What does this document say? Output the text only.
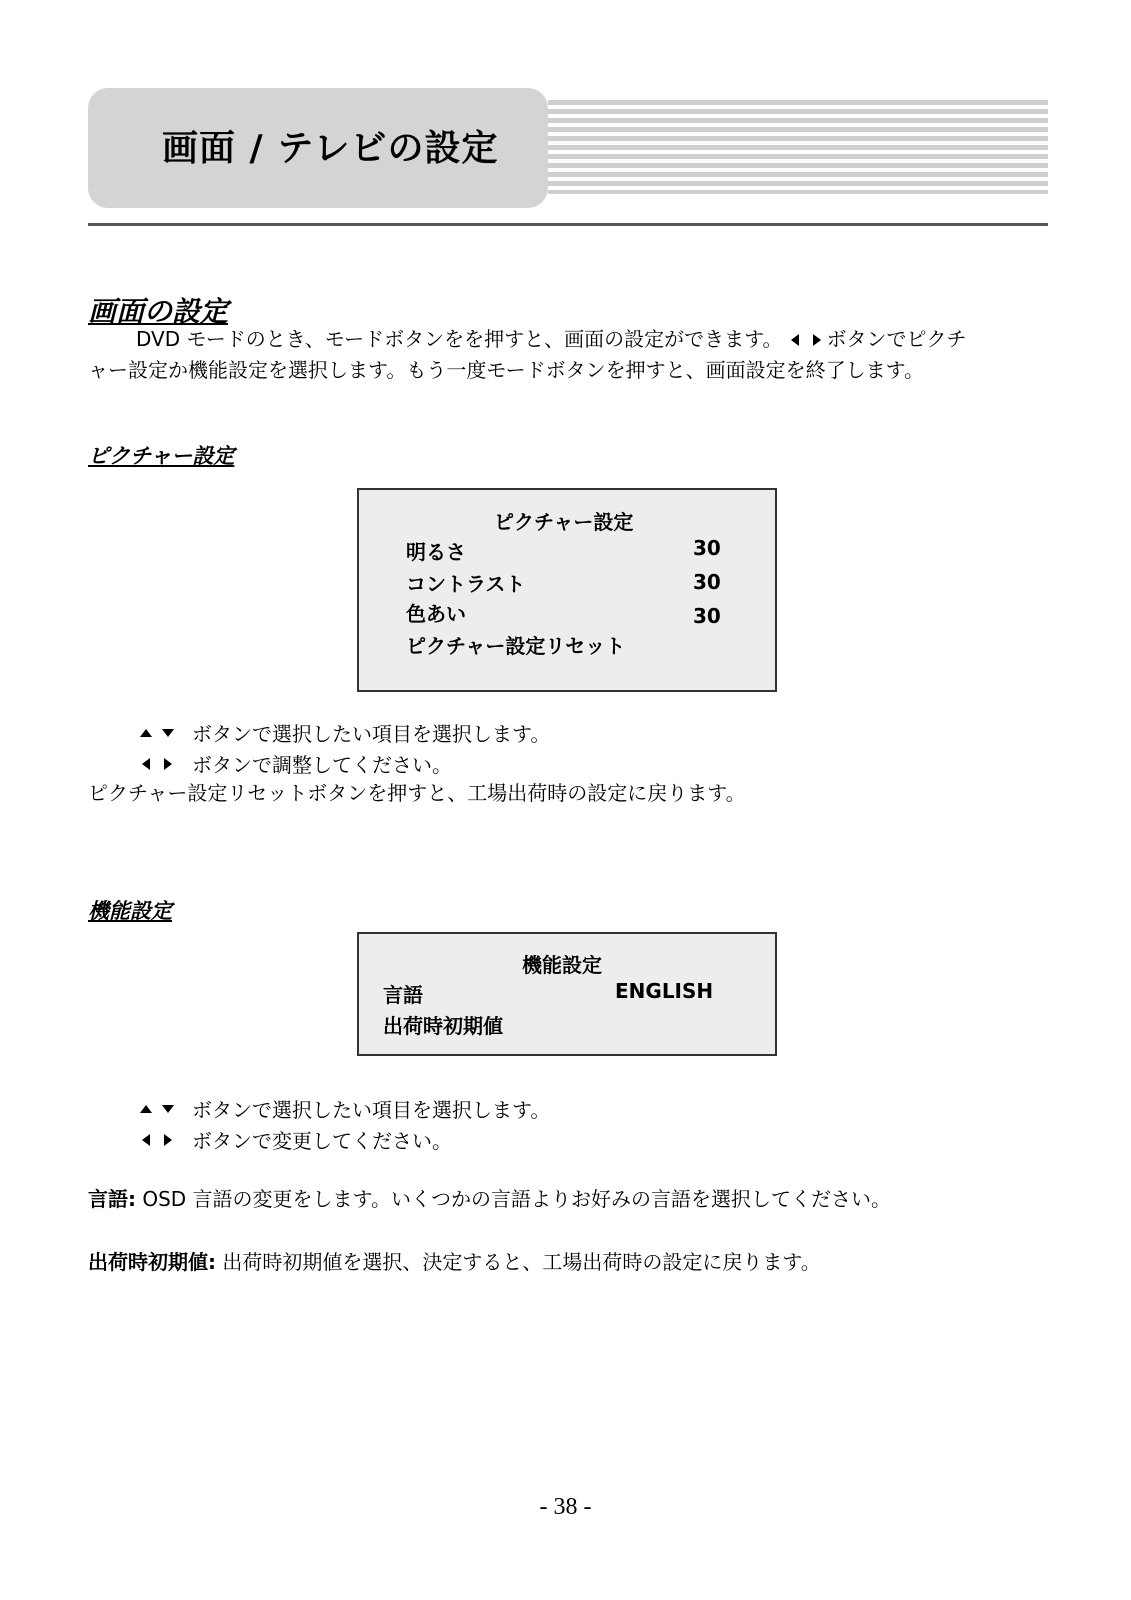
画面 / テレビの設定
画面の設定
DVD モードのとき、モードボタンをを押すと、画面の設定ができます。 ボタンでピクチ
ャー設定か機能設定を選択します。もう一度モードボタンを押すと、画面設定を終了します。
ピクチャー設定
ピクチャー設定
明るさ	30
コントラスト	30
色あい	30
ピクチャー設定リセット
ボタンで選択したい項目を選択します。
ボタンで調整してください。
ピクチャー設定リセットボタンを押すと、工場出荷時の設定に戻ります。
機能設定
機能設定
言語	ENGLISH
出荷時初期値
ボタンで選択したい項目を選択します。
ボタンで変更してください。
言語: OSD 言語の変更をします。いくつかの言語よりお好みの言語を選択してください。
出荷時初期値: 出荷時初期値を選択、決定すると、工場出荷時の設定に戻ります。
- 38 -
